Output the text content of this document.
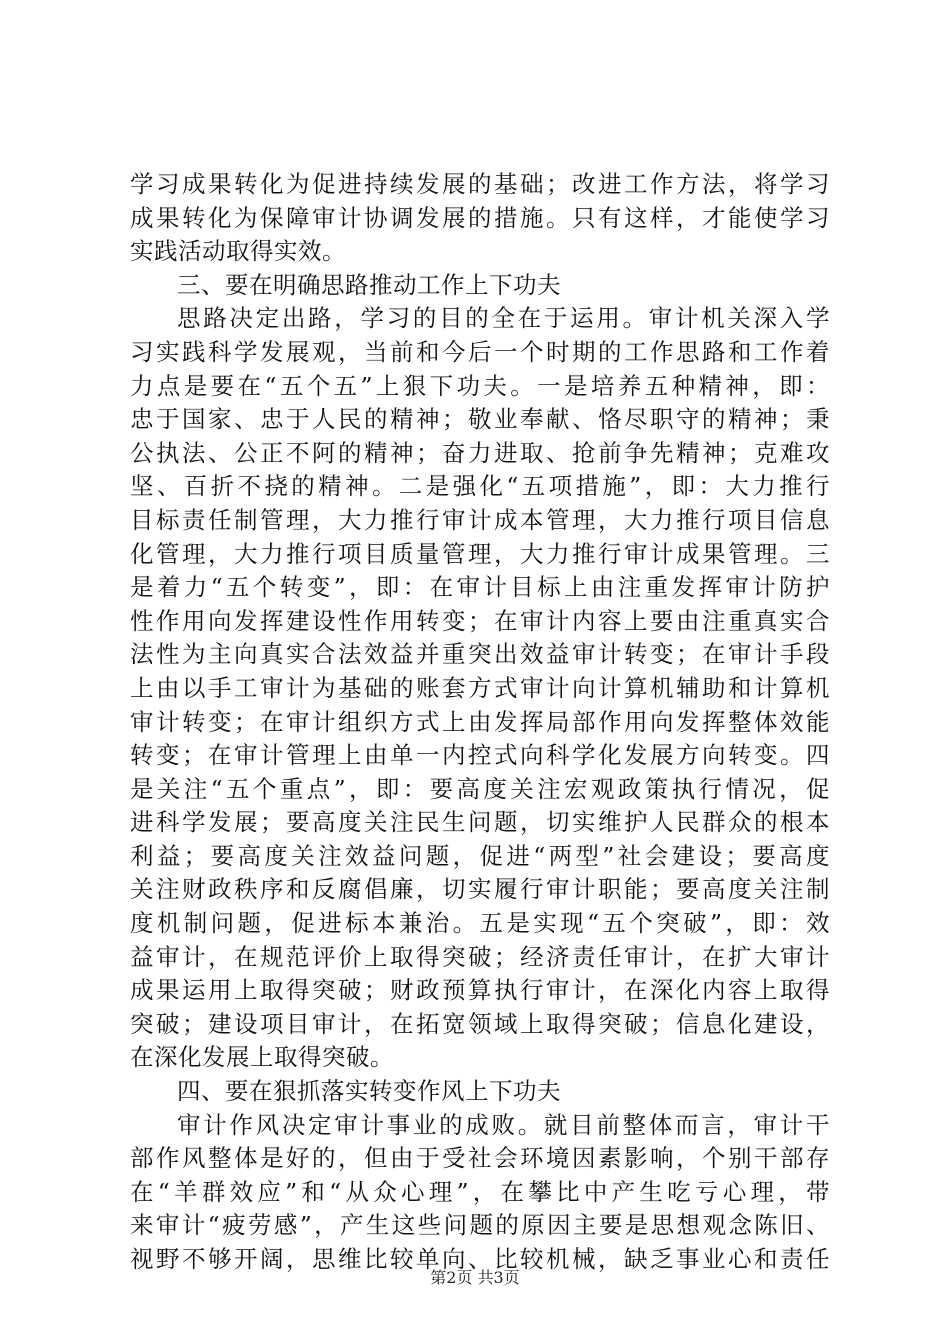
学习成果转化为促进持续发展的基础；改进工作方法，将学习
成果转化为保障审计协调发展的措施。只有这样，才能使学习
实践活动取得实效。
三、要在明确思路推动工作上下功夫
思路决定出路，学习的目的全在于运用。审计机关深入学
习实践科学发展观，当前和今后一个时期的工作思路和工作着
力点是要在“五个五”上狠下功夫。一是培养五种精神，即：
忠于国家、忠于人民的精神；敬业奉献、恪尽职守的精神；秉
公执法、公正不阿的精神；奋力进取、抢前争先精神；克难攻
坚、百折不挠的精神。二是强化“五项措施”，即：大力推行
目标责任制管理，大力推行审计成本管理，大力推行项目信息
化管理，大力推行项目质量管理，大力推行审计成果管理。三
是着力“五个转变”，即：在审计目标上由注重发挥审计防护
性作用向发挥建设性作用转变；在审计内容上要由注重真实合
法性为主向真实合法效益并重突出效益审计转变；在审计手段
上由以手工审计为基础的账套方式审计向计算机辅助和计算机
审计转变；在审计组织方式上由发挥局部作用向发挥整体效能
转变；在审计管理上由单一内控式向科学化发展方向转变。四
是关注“五个重点”，即：要高度关注宏观政策执行情况，促
进科学发展；要高度关注民生问题，切实维护人民群众的根本
利益；要高度关注效益问题，促进“两型”社会建设；要高度
关注财政秩序和反腐倡廉，切实履行审计职能；要高度关注制
度机制问题，促进标本兼治。五是实现“五个突破”，即：效
益审计，在规范评价上取得突破；经济责任审计，在扩大审计
成果运用上取得突破；财政预算执行审计，在深化内容上取得
突破；建设项目审计，在拓宽领域上取得突破；信息化建设，
在深化发展上取得突破。
四、要在狠抓落实转变作风上下功夫
审计作风决定审计事业的成败。就目前整体而言，审计干
部作风整体是好的，但由于受社会环境因素影响，个别干部存
在“羊群效应”和“从众心理”，在攀比中产生吃亏心理，带
来审计“疲劳感”，产生这些问题的原因主要是思想观念陈旧、
视野不够开阔，思维比较单向、比较机械，缺乏事业心和责任
第2页 共3页
